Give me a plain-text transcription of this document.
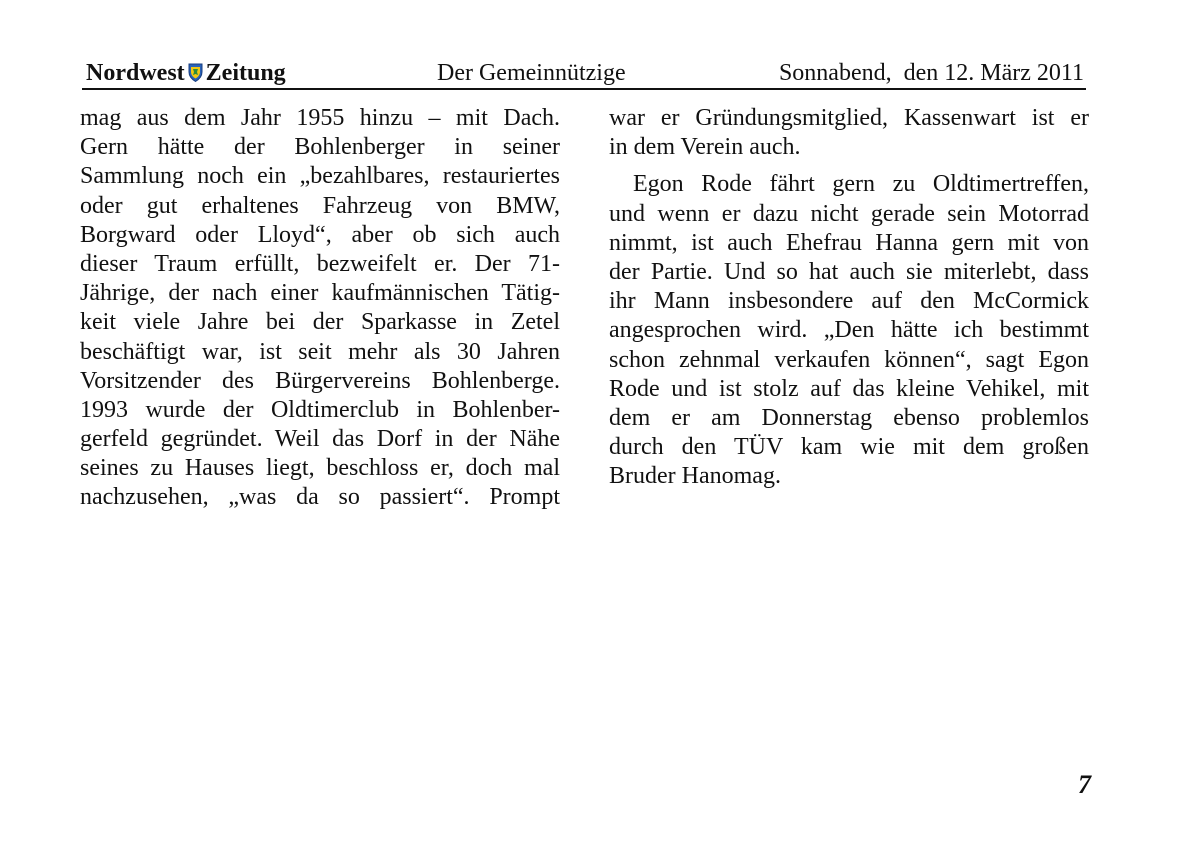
Nordwest Zeitung	Der Gemeinnützige	Sonnabend,  den 12. März 2011
mag aus dem Jahr 1955 hinzu – mit Dach.
Gern hätte der Bohlenberger in seiner
Sammlung noch ein „bezahlbares, restauriertes
oder gut erhaltenes Fahrzeug von BMW,
Borgward oder Lloyd“, aber ob sich auch
dieser Traum erfüllt, bezweifelt er. Der 71-
Jährige, der nach einer kaufmännischen Tätig-
keit viele Jahre bei der Sparkasse in Zetel
beschäftigt war, ist seit mehr als 30 Jahren
Vorsitzender des Bürgervereins Bohlenberge.
1993 wurde der Oldtimerclub in Bohlenber-
gerfeld gegründet. Weil das Dorf in der Nähe
seines zu Hauses liegt, beschloss er, doch mal
nachzusehen, „was da so passiert“. Prompt
war er Gründungsmitglied, Kassenwart ist er
in dem Verein auch.
Egon Rode fährt gern zu Oldtimertreffen,
und wenn er dazu nicht gerade sein Motorrad
nimmt, ist auch Ehefrau Hanna gern mit von
der Partie. Und so hat auch sie miterlebt, dass
ihr Mann insbesondere auf den McCormick
angesprochen wird. „Den hätte ich bestimmt
schon zehnmal verkaufen können“, sagt Egon
Rode und ist stolz auf das kleine Vehikel, mit
dem er am Donnerstag ebenso problemlos
durch den TÜV kam wie mit dem großen
Bruder Hanomag.
7
